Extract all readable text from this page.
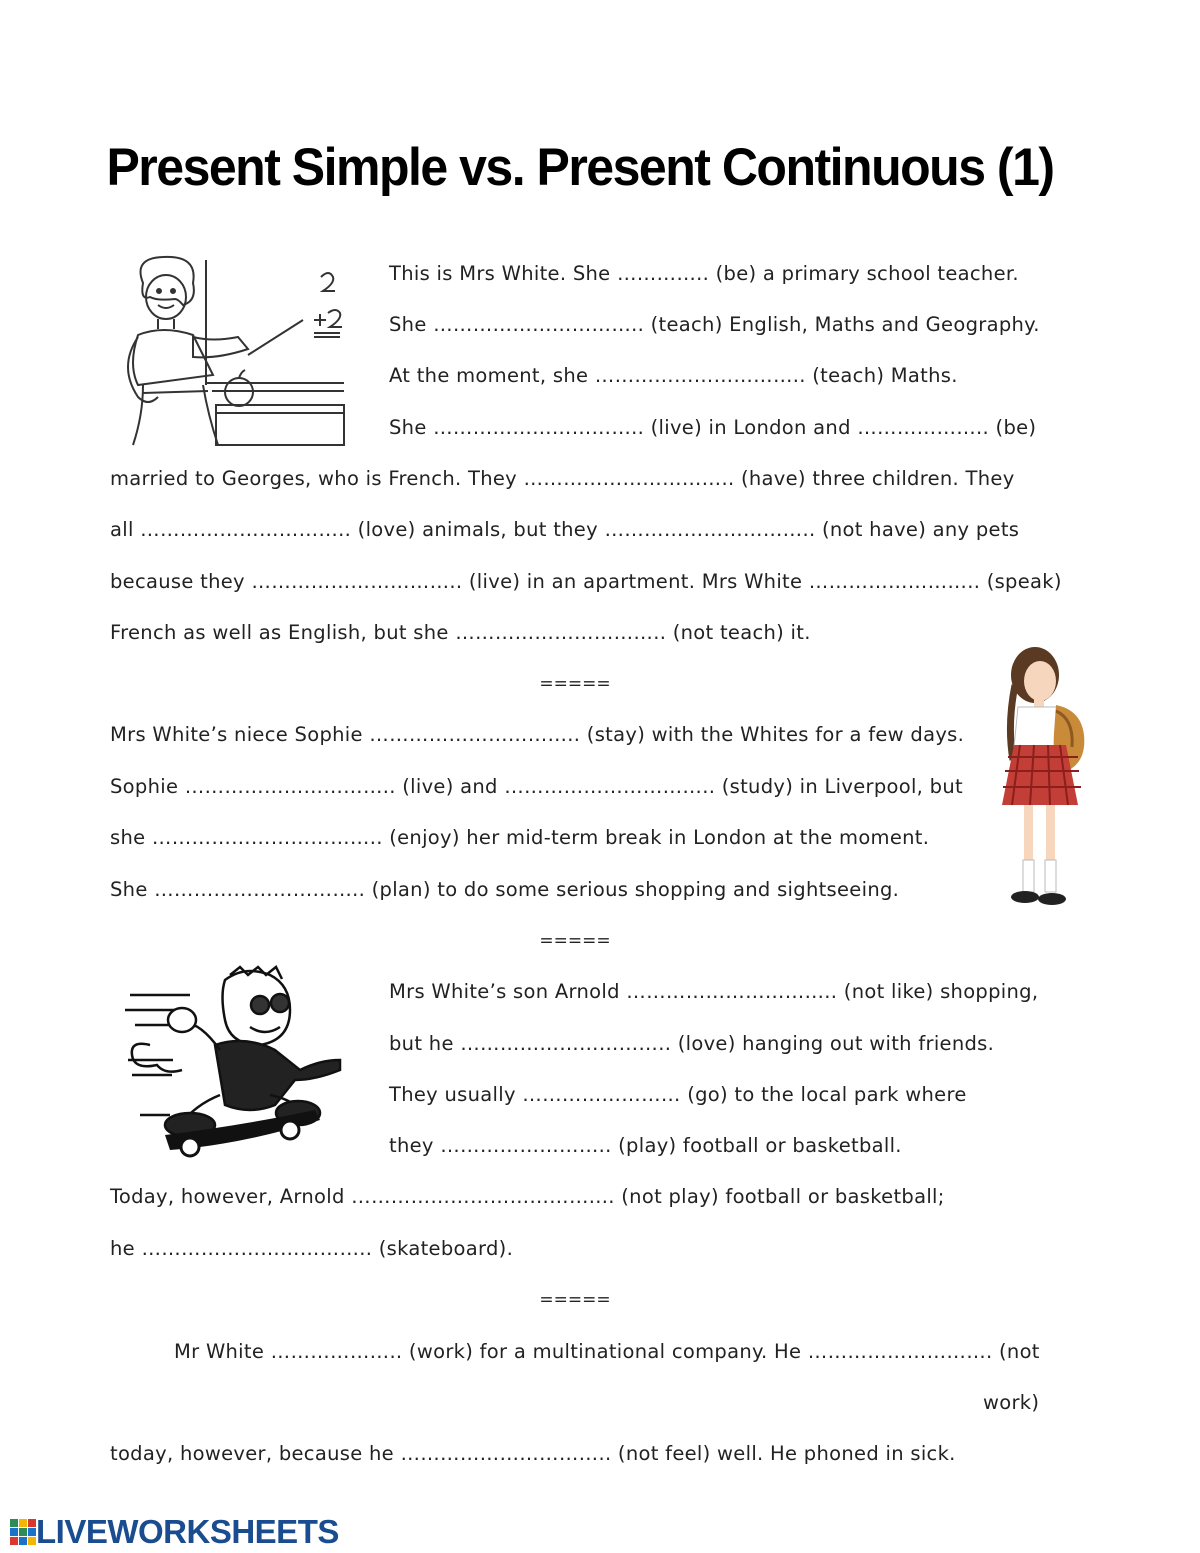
Present Simple vs. Present Continuous (1)
This is Mrs White. She ………….. (be) a primary school teacher.
She ………………………….. (teach) English, Maths and Geography.
At the moment, she ………………………….. (teach) Maths.
She ………………………….. (live) in London and ……………….. (be)
married to Georges, who is French. They ………………………….. (have) three children. They
all ………………………….. (love) animals, but they ………………………….. (not have) any pets
because they ………………………….. (live) in an apartment. Mrs White …………………….. (speak)
French as well as English, but she ………………………….. (not teach) it.
=====
Mrs White’s niece Sophie ………………………….. (stay) with the Whites for a few days.
Sophie ………………………….. (live) and ………………………….. (study) in Liverpool, but
she …………………………….. (enjoy) her mid-term break in London at the moment.
She ………………………….. (plan) to do some serious shopping and sightseeing.
=====
Mrs White’s son Arnold ………………………….. (not like) shopping,
but he ………………………….. (love) hanging out with friends.
They usually …………………… (go) to the local park where
they …………………….. (play) football or basketball.
Today, however, Arnold ……………………………….... (not play) football or basketball;
he …………………………….. (skateboard).
=====
Mr White ……………….. (work) for a multinational company. He ………………………. (not
work)
today, however, because he ………………………….. (not feel) well. He phoned in sick.
LIVEWORKSHEETS
